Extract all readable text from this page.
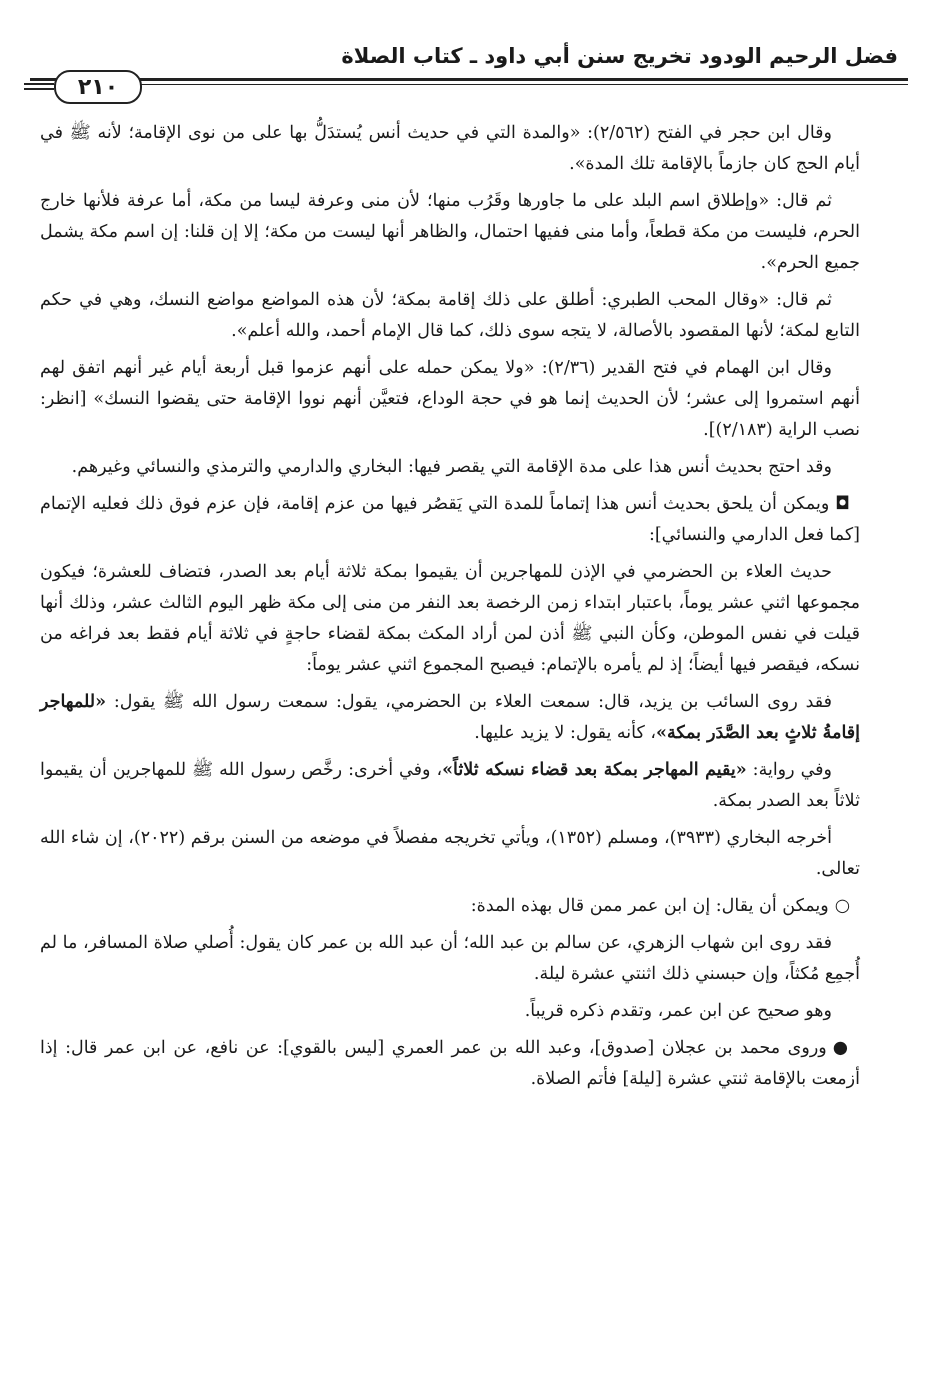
فضل الرحيم الودود تخريج سنن أبي داود ـ كتاب الصلاة
٢١٠

وقال ابن حجر في الفتح (٢/٥٦٢): «والمدة التي في حديث أنس يُستدَلُّ بها على من نوى الإقامة؛ لأنه ﷺ في أيام الحج كان جازماً بالإقامة تلك المدة».

ثم قال: «وإطلاق اسم البلد على ما جاورها وقَرُب منها؛ لأن منى وعرفة ليسا من مكة، أما عرفة فلأنها خارج الحرم، فليست من مكة قطعاً، وأما منى ففيها احتمال، والظاهر أنها ليست من مكة؛ إلا إن قلنا: إن اسم مكة يشمل جميع الحرم».

ثم قال: «وقال المحب الطبري: أطلق على ذلك إقامة بمكة؛ لأن هذه المواضع مواضع النسك، وهي في حكم التابع لمكة؛ لأنها المقصود بالأصالة، لا يتجه سوى ذلك، كما قال الإمام أحمد، والله أعلم».

وقال ابن الهمام في فتح القدير (٢/٣٦): «ولا يمكن حمله على أنهم عزموا قبل أربعة أيام غير أنهم اتفق لهم أنهم استمروا إلى عشر؛ لأن الحديث إنما هو في حجة الوداع، فتعيَّن أنهم نووا الإقامة حتى يقضوا النسك» [انظر: نصب الراية (٢/١٨٣)].

وقد احتج بحديث أنس هذا على مدة الإقامة التي يقصر فيها: البخاري والدارمي والترمذي والنسائي وغيرهم.

◘ويمكن أن يلحق بحديث أنس هذا إتماماً للمدة التي يَقصُر فيها من عزم إقامة، فإن عزم فوق ذلك فعليه الإتمام [كما فعل الدارمي والنسائي]:

حديث العلاء بن الحضرمي في الإذن للمهاجرين أن يقيموا بمكة ثلاثة أيام بعد الصدر، فتضاف للعشرة؛ فيكون مجموعها اثني عشر يوماً، باعتبار ابتداء زمن الرخصة بعد النفر من منى إلى مكة ظهر اليوم الثالث عشر، وذلك أنها قيلت في نفس الموطن، وكأن النبي ﷺ أذن لمن أراد المكث بمكة لقضاء حاجةٍ في ثلاثة أيام فقط بعد فراغه من نسكه، فيقصر فيها أيضاً؛ إذ لم يأمره بالإتمام: فيصبح المجموع اثني عشر يوماً:

فقد روى السائب بن يزيد، قال: سمعت العلاء بن الحضرمي، يقول: سمعت رسول الله ﷺ يقول: «للمهاجر إقامةُ ثلاثٍ بعد الصَّدَر بمكة»، كأنه يقول: لا يزيد عليها.

وفي رواية: «يقيم المهاجر بمكة بعد قضاء نسكه ثلاثاً»، وفي أخرى: رخَّص رسول الله ﷺ للمهاجرين أن يقيموا ثلاثاً بعد الصدر بمكة.

أخرجه البخاري (٣٩٣٣)، ومسلم (١٣٥٢)، ويأتي تخريجه مفصلاً في موضعه من السنن برقم (٢٠٢٢)، إن شاء الله تعالى.

○ويمكن أن يقال: إن ابن عمر ممن قال بهذه المدة:

فقد روى ابن شهاب الزهري، عن سالم بن عبد الله؛ أن عبد الله بن عمر كان يقول: أُصلي صلاة المسافر، ما لم أُجمِع مُكثاً، وإن حبسني ذلك اثنتي عشرة ليلة.

وهو صحيح عن ابن عمر، وتقدم ذكره قريباً.

●وروى محمد بن عجلان [صدوق]، وعبد الله بن عمر العمري [ليس بالقوي]: عن نافع، عن ابن عمر قال: إذا أزمعت بالإقامة ثنتي عشرة [ليلة] فأتم الصلاة.
